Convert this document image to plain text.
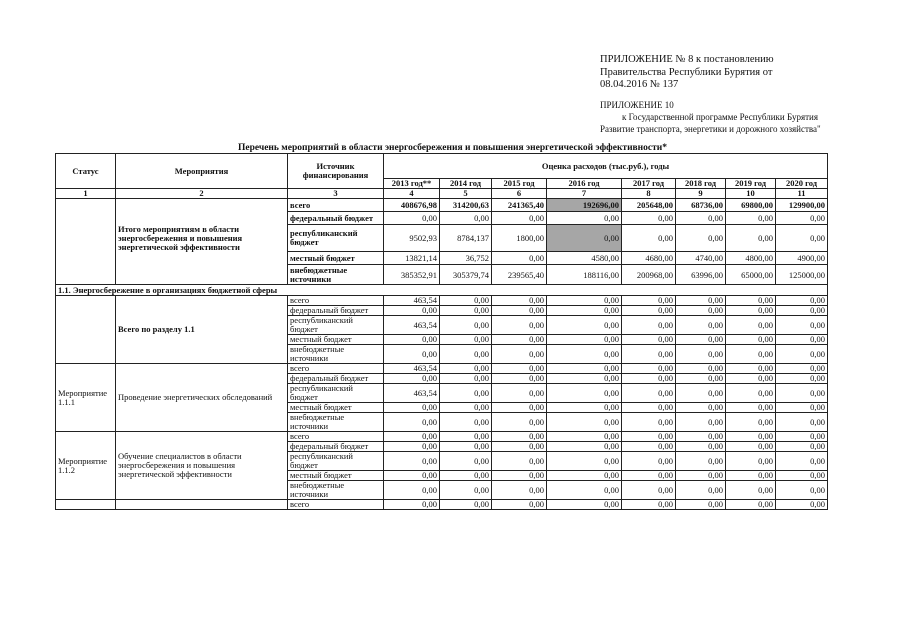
ПРИЛОЖЕНИЕ № 8 к постановлению
Правительства Республики Бурятия от
08.04.2016 № 137
ПРИЛОЖЕНИЕ 10
к Государственной программе Республики Бурятия
Развитие транспорта, энергетики и дорожного хозяйства"
Перечень мероприятий в области энергосбережения и повышения энергетической эффективности*
Статус	Мероприятия	Источник финансирования	Оценка расходов (тыс.руб.), годы							
			2013 год**	2014 год	2015 год	2016 год	2017 год	2018 год	2019 год	2020 год
1	2	3	4	5	6	7	8	9	10	11
		всего	408676,98	314200,63	241365,40	192696,00	205648,00	68736,00	69800,00	129900,00
		федеральный бюджет	0,00	0,00	0,00	0,00	0,00	0,00	0,00	0,00
	Итого мероприятиям в области энергосбережения и повышения энергетической эффективности	республиканский бюджет	9502,93	8784,137	1800,00	0,00	0,00	0,00	0,00	0,00
		местный бюджет	13821,14	36,752	0,00	4580,00	4680,00	4740,00	4800,00	4900,00
		внебюджетные источники	385352,91	305379,74	239565,40	188116,00	200968,00	63996,00	65000,00	125000,00
1.1. Энергосбережение в организациях бюджетной сферы										
	Всего по разделу 1.1	всего	463,54	0,00	0,00	0,00	0,00	0,00	0,00	0,00
		федеральный бюджет	0,00	0,00	0,00	0,00	0,00	0,00	0,00	0,00
		республиканский бюджет	463,54	0,00	0,00	0,00	0,00	0,00	0,00	0,00
		местный бюджет	0,00	0,00	0,00	0,00	0,00	0,00	0,00	0,00
		внебюджетные источники	0,00	0,00	0,00	0,00	0,00	0,00	0,00	0,00
Мероприятие 1.1.1	Проведение энергетических обследований	всего	463,54	0,00	0,00	0,00	0,00	0,00	0,00	0,00
		федеральный бюджет	0,00	0,00	0,00	0,00	0,00	0,00	0,00	0,00
		республиканский бюджет	463,54	0,00	0,00	0,00	0,00	0,00	0,00	0,00
		местный бюджет	0,00	0,00	0,00	0,00	0,00	0,00	0,00	0,00
		внебюджетные источники	0,00	0,00	0,00	0,00	0,00	0,00	0,00	0,00
Мероприятие 1.1.2	Обучение специалистов в области энергосбережения и повышения энергетической эффективности	всего	0,00	0,00	0,00	0,00	0,00	0,00	0,00	0,00
		федеральный бюджет	0,00	0,00	0,00	0,00	0,00	0,00	0,00	0,00
		республиканский бюджет	0,00	0,00	0,00	0,00	0,00	0,00	0,00	0,00
		местный бюджет	0,00	0,00	0,00	0,00	0,00	0,00	0,00	0,00
		внебюджетные источники	0,00	0,00	0,00	0,00	0,00	0,00	0,00	0,00
		всего	0,00	0,00	0,00	0,00	0,00	0,00	0,00	0,00
